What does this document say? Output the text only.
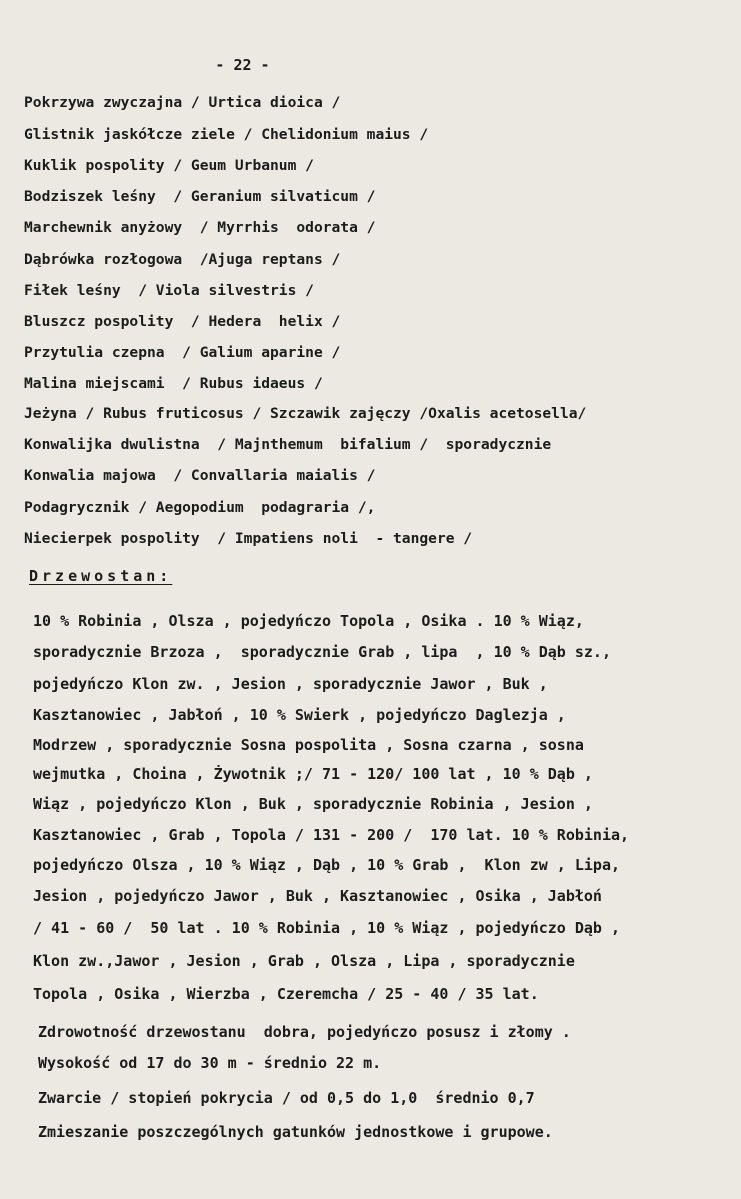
- 22 -
Pokrzywa zwyczajna / Urtica dioica /
Glistnik jaskółcze ziele / Chelidonium maius /
Kuklik pospolity / Geum Urbanum /
Bodziszek leśny  / Geranium silvaticum /
Marchewnik anyżowy  / Myrrhis  odorata /
Dąbrówka rozłogowa  /Ajuga reptans /
Fiłek leśny  / Viola silvestris /
Bluszcz pospolity  / Hedera  helix /
Przytulia czepna  / Galium aparine /
Malina miejscami  / Rubus idaeus /
Jeżyna / Rubus fruticosus / Szczawik zajęczy /Oxalis acetosella/
Konwalijka dwulistna  / Majnthemum  bifalium /  sporadycznie
Konwalia majowa  / Convallaria maialis /
Podagrycznik / Aegopodium  podagraria /,
Niecierpek pospolity  / Impatiens noli  - tangere /
Drzewostan:
10 % Robinia , Olsza , pojedyńczo Topola , Osika . 10 % Wiąz,
sporadycznie Brzoza ,  sporadycznie Grab , lipa  , 10 % Dąb sz.,
pojedyńczo Klon zw. , Jesion , sporadycznie Jawor , Buk ,
Kasztanowiec , Jabłoń , 10 % Swierk , pojedyńczo Daglezja ,
Modrzew , sporadycznie Sosna pospolita , Sosna czarna , sosna
wejmutka , Choina , Żywotnik ;/ 71 - 120/ 100 lat , 10 % Dąb ,
Wiąz , pojedyńczo Klon , Buk , sporadycznie Robinia , Jesion ,
Kasztanowiec , Grab , Topola / 131 - 200 /  170 lat. 10 % Robinia,
pojedyńczo Olsza , 10 % Wiąz , Dąb , 10 % Grab ,  Klon zw , Lipa,
Jesion , pojedyńczo Jawor , Buk , Kasztanowiec , Osika , Jabłoń
/ 41 - 60 /  50 lat . 10 % Robinia , 10 % Wiąz , pojedyńczo Dąb ,
Klon zw.,Jawor , Jesion , Grab , Olsza , Lipa , sporadycznie
Topola , Osika , Wierzba , Czeremcha / 25 - 40 / 35 lat.
Zdrowotność drzewostanu  dobra, pojedyńczo posusz i złomy .
Wysokość od 17 do 30 m - średnio 22 m.
Zwarcie / stopień pokrycia / od 0,5 do 1,0  średnio 0,7
Zmieszanie poszczególnych gatunków jednostkowe i grupowe.
